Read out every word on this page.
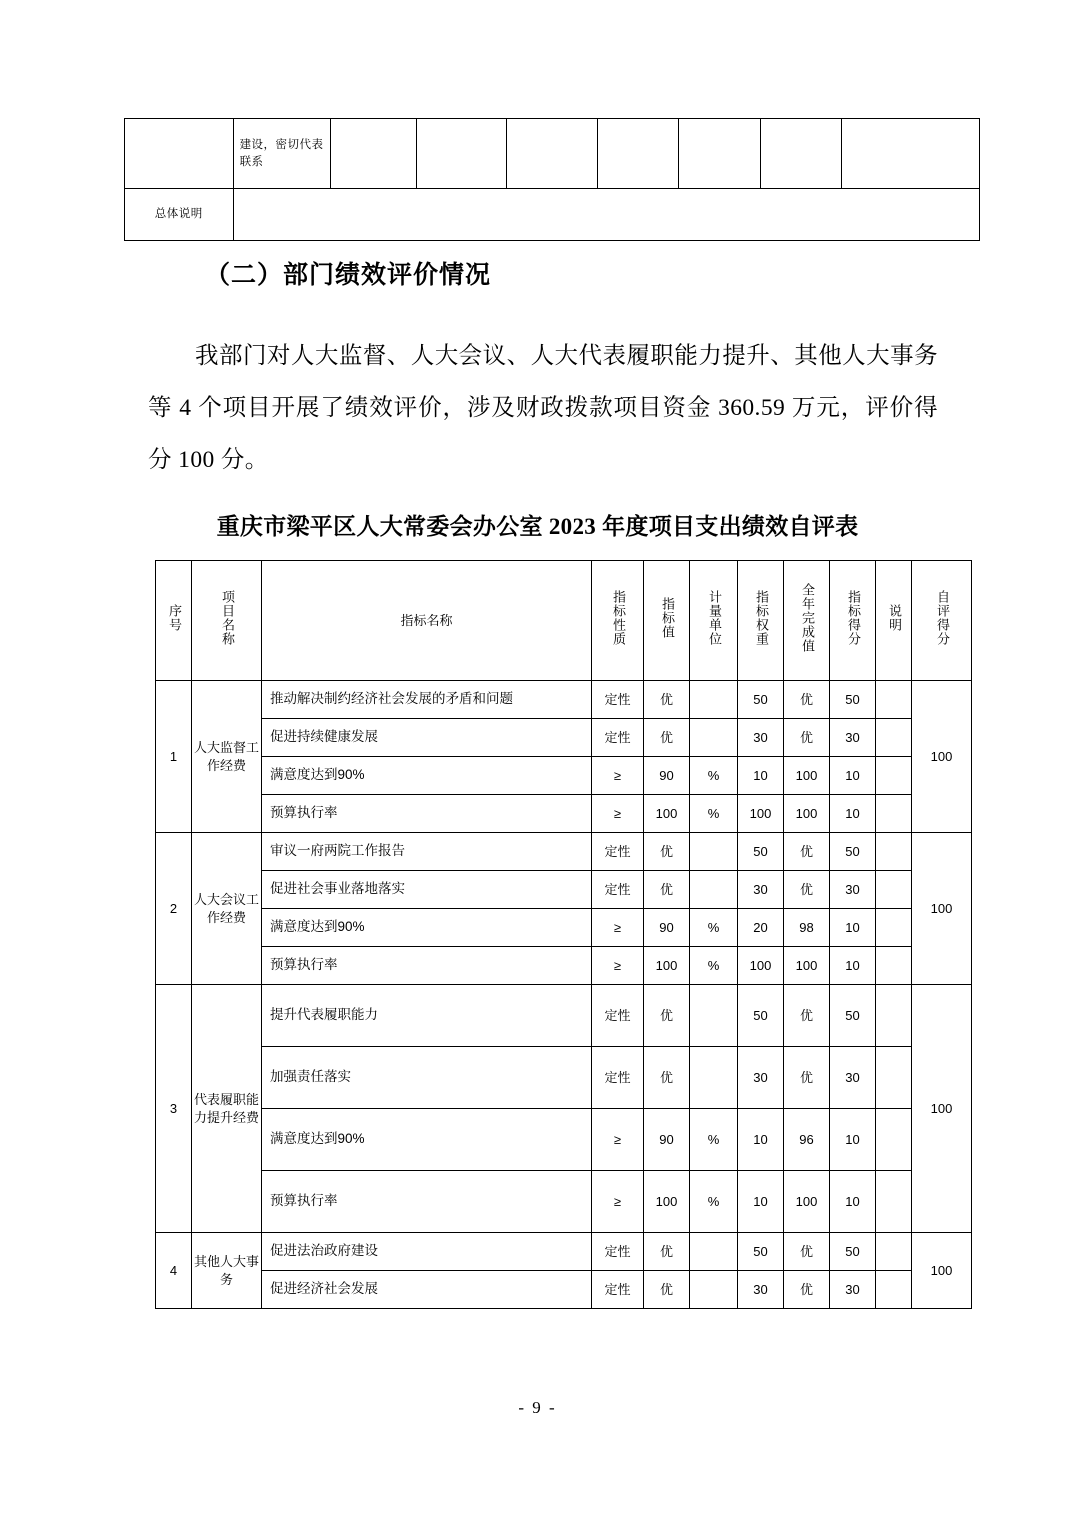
	建设，密切代表联系							
总体说明								
（二）部门绩效评价情况
我部门对人大监督、人大会议、人大代表履职能力提升、其他人大事务等 4 个项目开展了绩效评价，涉及财政拨款项目资金 360.59 万元，评价得分 100 分。
重庆市梁平区人大常委会办公室 2023 年度项目支出绩效自评表
序号	项目名称	指标名称	指标性质	指标值	计量单位	指标权重	全年完成值	指标得分	说明	自评得分
1	人大监督工作经费	推动解决制约经济社会发展的矛盾和问题	定性	优		50	优	50		100
		促进持续健康发展	定性	优		30	优	30		
		满意度达到90%	≥	90	%	10	100	10		
		预算执行率	≥	100	%	100	100	10		
2	人大会议工作经费	审议一府两院工作报告	定性	优		50	优	50		100
		促进社会事业落地落实	定性	优		30	优	30		
		满意度达到90%	≥	90	%	20	98	10		
		预算执行率	≥	100	%	100	100	10		
3	代表履职能力提升经费	提升代表履职能力	定性	优		50	优	50		100
		加强责任落实	定性	优		30	优	30		
		满意度达到90%	≥	90	%	10	96	10		
		预算执行率	≥	100	%	10	100	10		
4	其他人大事务	促进法治政府建设	定性	优		50	优	50		100
		促进经济社会发展	定性	优		30	优	30		
- 9 -
